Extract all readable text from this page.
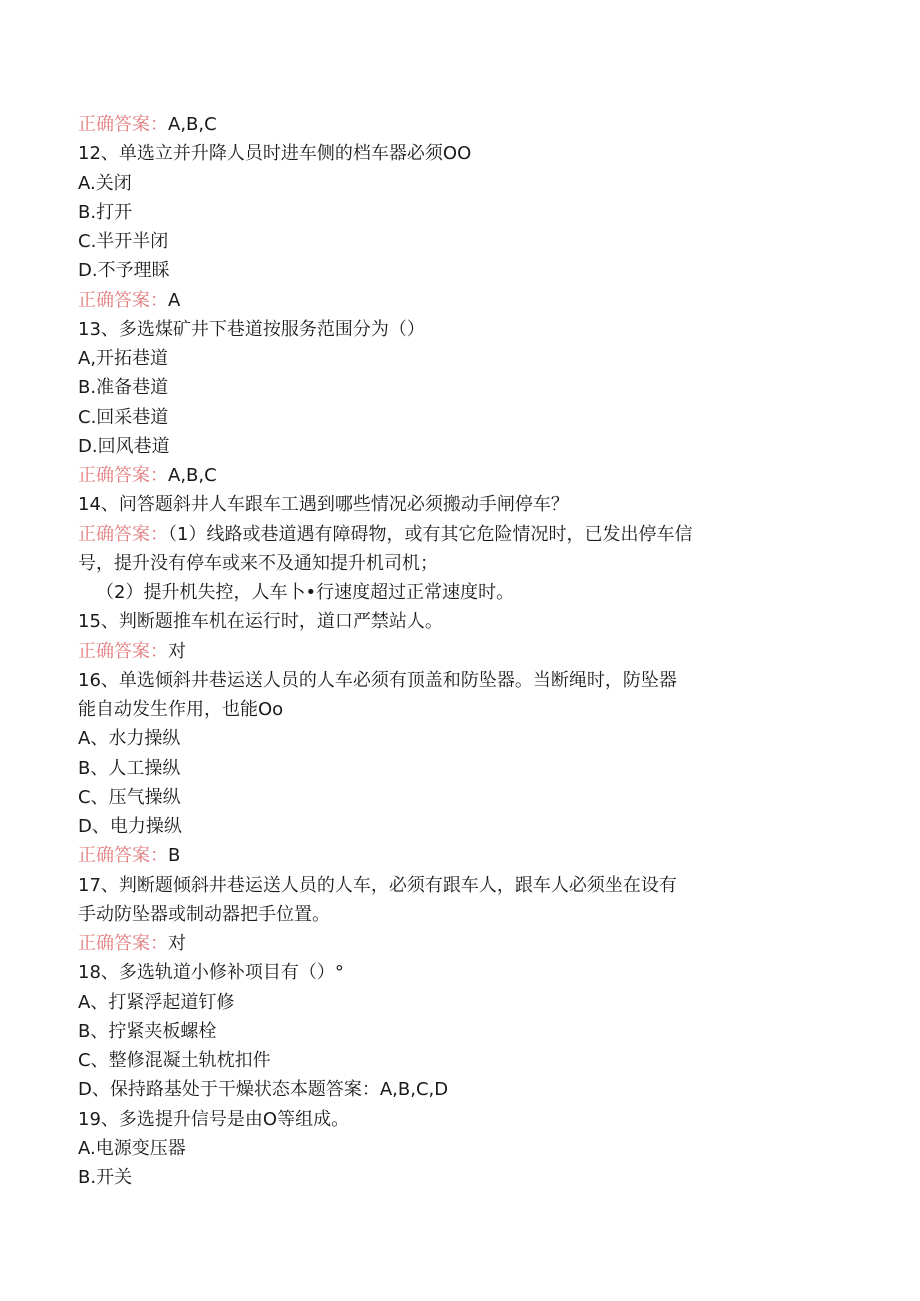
正确答案：A,B,C
12、单选立并升降人员时进车侧的档车器必须OO
A.关闭
B.打开
C.半开半闭
D.不予理睬
正确答案：A
13、多选煤矿井下巷道按服务范围分为（）
A,开拓巷道
B.准备巷道
C.回采巷道
D.回风巷道
正确答案：A,B,C
14、问答题斜井人车跟车工遇到哪些情况必须搬动手闸停车？
正确答案：（1）线路或巷道遇有障碍物，或有其它危险情况时，已发出停车信
号，提升没有停车或来不及通知提升机司机；
（2）提升机失控，人车卜•行速度超过正常速度时。
15、判断题推车机在运行时，道口严禁站人。
正确答案：对
16、单选倾斜井巷运送人员的人车必须有顶盖和防坠器。当断绳时，防坠器
能自动发生作用，也能Oo
A、水力操纵
B、人工操纵
C、压气操纵
D、电力操纵
正确答案：B
17、判断题倾斜井巷运送人员的人车，必须有跟车人，跟车人必须坐在设有
手动防坠器或制动器把手位置。
正确答案：对
18、多选轨道小修补项目有（）°
A、打紧浮起道钉修
B、拧紧夹板螺栓
C、整修混凝土轨枕扣件
D、保持路基处于干燥状态本题答案：A,B,C,D
19、多选提升信号是由O等组成。
A.电源变压器
B.开关
